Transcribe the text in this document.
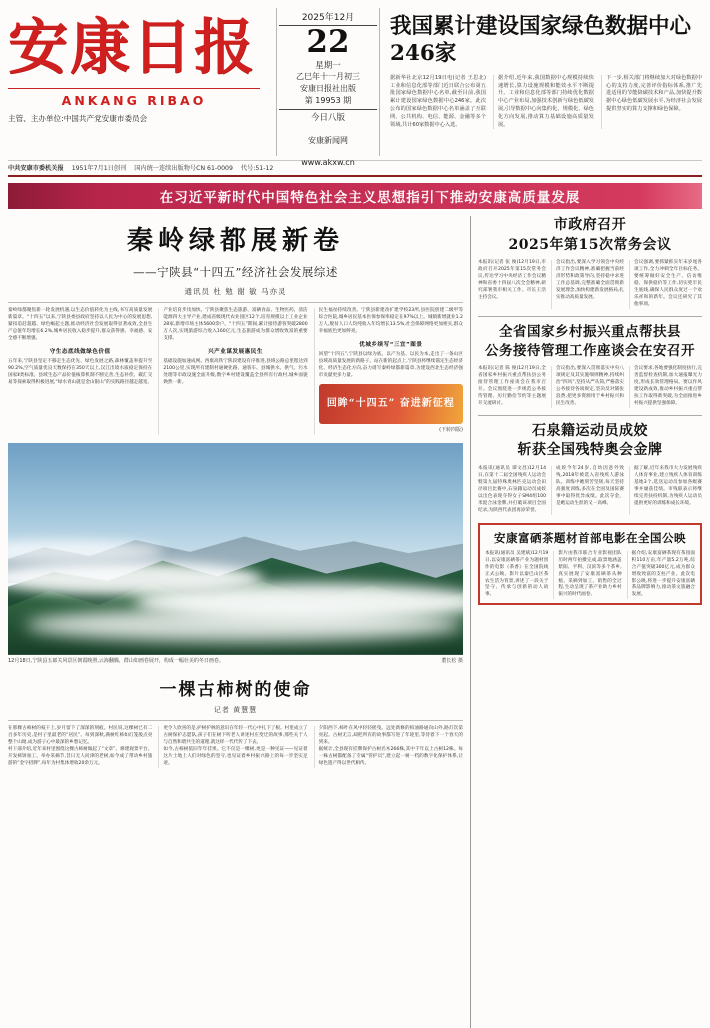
安康日报
ANKANG RIBAO
主管、主办单位:中国共产党安康市委员会
2025年12月
22
星期一
乙巳年十一月初三
安康日报社出版
第 19953 期
今日八版
安康新闻网
www.akxw.cn
我国累计建设国家绿色数据中心246家
据新华社北京12月19日电(记者 王思北)工业和信息化部等部门近日联合公布第五批国家绿色数据中心名单,截至目前,我国累计建设国家绿色数据中心246家。此次公布的国家绿色数据中心名单涵盖了互联网、公共机构、电信、能源、金融等多个领域,共计60家数据中心入选。
据介绍,近年来,我国数据中心规模持续快速增长,算力设施规模和能效水平不断提升。工业和信息化部等部门持续优化数据中心产业布局,加强技术创新与绿色低碳发展,引导数据中心向集约化、规模化、绿色化方向发展,推动算力基础设施高质量发展。
下一步,相关部门将继续加大对绿色数据中心的支持力度,完善评价指标体系,推广先进适用的节能降碳技术和产品,加快提升数据中心绿色低碳发展水平,为经济社会发展提供坚实的算力支撑和绿色保障。
中共安康市委机关报 1951年7月1日创刊 国内统一连续出版物号CN 61-0009 代号:51-12
在习近平新时代中国特色社会主义思想指引下推动安康高质量发展
秦岭绿都展新卷
——宁陕县“十四五”经济社会发展综述
通讯员 杜 勉 谢 敏 马亦灵
秦岭绿都聚焦新一轮发展机遇,以生态价值转化为主线,书写高质量发展新篇章。“十四五”以来,宁陕县委县政府坚持以人民为中心的发展思想,紧扣追赶超越、绿色崛起主题,推动经济社会发展取得显著成效,全县生产总值年均增长6.2%,城乡居民收入稳步提升,群众获得感、幸福感、安全感不断增强。
守生态底线做绿色价值
五年来,宁陕县坚定不移走生态优先、绿色发展之路,森林覆盖率提升至90.2%,空气质量优良天数保持在350天以上,汉江出境水质稳定保持在国家Ⅱ类标准。县域生态产品价值核算机制不断完善,生态补偿、碳汇交易等探索取得积极进展,“绿水青山就是金山银山”的实践路径越走越宽。
产业培育步伐加快。宁陕县聚焦生态旅游、富硒食品、生物医药、清洁能源四大主导产业,建成省级现代农业园区12个,培育规模以上工业企业28家,新增市场主体5600余户。“十四五”期间,累计接待游客突破2800万人次,实现旅游综合收入160亿元,生态旅游成为群众增收致富的重要支撑。
兴产业谋发展惠民生
基础设施加速成网。西康高铁宁陕段建设有序推进,县域公路总里程达到2100公里,实现所有建制村通硬化路、通客车。县城供水、供气、污水处理等市政设施全面升级,数字乡村建设覆盖全县所有行政村,城乡面貌焕然一新。
民生福祉持续改善。宁陕县新建改扩建学校23所,县医院创建二级甲等综合医院,城乡居民基本医保参保率稳定在97%以上。城镇新增就业1.2万人,脱贫人口人均纯收入年均增长13.5%,社会保障网络更加密实,群众幸福底色更加鲜亮。
优城乡续写“三宜”图景
回望“十四五”,宁陕县以绿为底、以产为基、以民为本,走出了一条山区县域高质量发展的新路子。站在新的起点上,宁陕县将继续锚定生态经济化、经济生态化方向,奋力谱写秦岭绿都新篇章,为建设西北生态经济强市贡献更多力量。
回眸“十四五” 奋进新征程
(下转四版)
董长松 摄
12月18日,宁陕县五郎关风景区朝霞映照,云海翻腾，群山如画卷展开，构成一幅壮美的冬日画卷。
一棵古柿树的使命
记者 黄慧慧
在那棵古柿树的枝干上,岁月留下了深深的刻痕。村民说,这棵树已有二百多年历史,是村子里最老的“居民”。每到深秋,满树红柿如灯笼般点亮整个山坳,成为游子心中最深的乡愁记忆。
村干部介绍,近年来村里围绕这棵古柿树做起了“文章”。修建观景平台、开发柿饼加工、举办采摘节,昔日无人问津的老树,如今成了带动乡村旅游的“金字招牌”,每年为村集体增收20余万元。
更令人欣喜的是,护树护林的意识在年轻一代心中扎下了根。村里成立了古树保护志愿队,孩子们在树下听老人讲述村庄变迁的故事,那些关于人与自然和谐共生的道理,就这样一代代传了下去。
如今,古柿树依旧年年挂果。它不仅是一棵树,更是一种见证——见证着这片土地上人们对绿色的坚守,也见证着乡村振兴路上的每一步坚实足迹。
夕阳西下,柿叶在风中轻轻摇曳。远处新修的柏油路通向山外,路灯次第亮起。古树无言,却把所有的故事都写进了年轮里,等待着下一个春天的到来。
据统计,全县现有挂牌保护古树名木266株,其中千年以上古树12株。每一株古树都配备了专属“管护员”,建立起一树一档的数字化保护体系,让绿色遗产得以世代相传。
市政府召开
2025年第15次常务会议
本报讯(记者 张 俊)12月19日,市政府召开2025年第15次常务会议,传达学习中央经济工作会议精神和省委十四届八次全会精神,研究部署我市相关工作。市长王浩主持会议。
会议指出,要深入学习领会中央经济工作会议精神,准确把握当前经济形势和政策导向,坚持稳中求进工作总基调,完整准确全面贯彻新发展理念,加快构建新发展格局,扎实推动高质量发展。
会议强调,要抓紧抓实年末岁尾各项工作,全力冲刺全年目标任务。要统筹做好安全生产、信访维稳、保供稳价等工作,切实兜牢民生底线,确保人民群众度过一个欢乐祥和的新年。会议还研究了其他事项。
全省国家乡村振兴重点帮扶县
公务接待管理工作座谈会在安召开
本报讯(记者 陈 俊)12月19日,全省国家乡村振兴重点帮扶县公务接待管理工作座谈会在我市召开。会议围绕进一步规范公务接待管理、厉行勤俭节约等主题展开交流研讨。
会议指出,要深入贯彻落实中央八项规定及其实施细则精神,持续纠治“四风”,坚持从严从简,严格落实公务接待各项规定,坚决反对铺张浪费,把更多资源用于乡村振兴和民生改善。
会议要求,各地要强化制度执行,完善监督检查机制,加大通报曝光力度,形成长效管理格局。要以作风建设新成效,推动乡村振兴重点帮扶工作取得新突破,为全面推进乡村振兴提供坚强保障。
石泉籍运动员成姣
斩获全国残特奥会金牌
本报讯(通讯员 谭文昌)12月14日,在第十二届全国残疾人运动会暨第九届特殊奥林匹克运动会田径项目比赛中,石泉籍运动员成姣以出色表现夺得女子SM4组100米混合泳金牌,并打破该项目全国纪录,为陕西代表团再添荣誉。
成姣今年24岁,自幼因意外致残,2018年被选入省残疾人游泳队。训练中她刻苦坚韧,每天坚持高强度训练,多次在全国及国际赛事中取得优异成绩。此次夺金，是她运动生涯的又一高峰。
据了解,近年来我市大力发展残疾人体育事业,建立残疾人体育训练基地3个,选送运动员参加各级赛事并屡获佳绩。市残联表示将继续完善扶持机制,为残疾人运动员提供更好的训练和成长环境。
安康富硒茶题材首部电影在全国公映
本报讯(通讯员 吴建斌)12月19日,以安康富硒茶产业为题材创作的电影《茶香》在全国院线正式公映。影片以秦巴山区茶农生活为背景,讲述了一段关于坚守、传承与创新的动人故事。
影片由我市联合专业影视团队历时两年拍摄完成,取景地涵盖紫阳、平利、汉滨等多个茶乡,真实展现了安康富硒茶从种植、采摘到加工、销售的全过程,生动呈现了茶产业助力乡村振兴的时代画卷。
据介绍,安康富硒茶现有茶园面积110万亩,年产量5.2万吨,综合产值突破300亿元,成为群众增收致富的支柱产业。此次电影公映,将进一步提升安康富硒茶品牌影响力,推动茶文旅融合发展。
